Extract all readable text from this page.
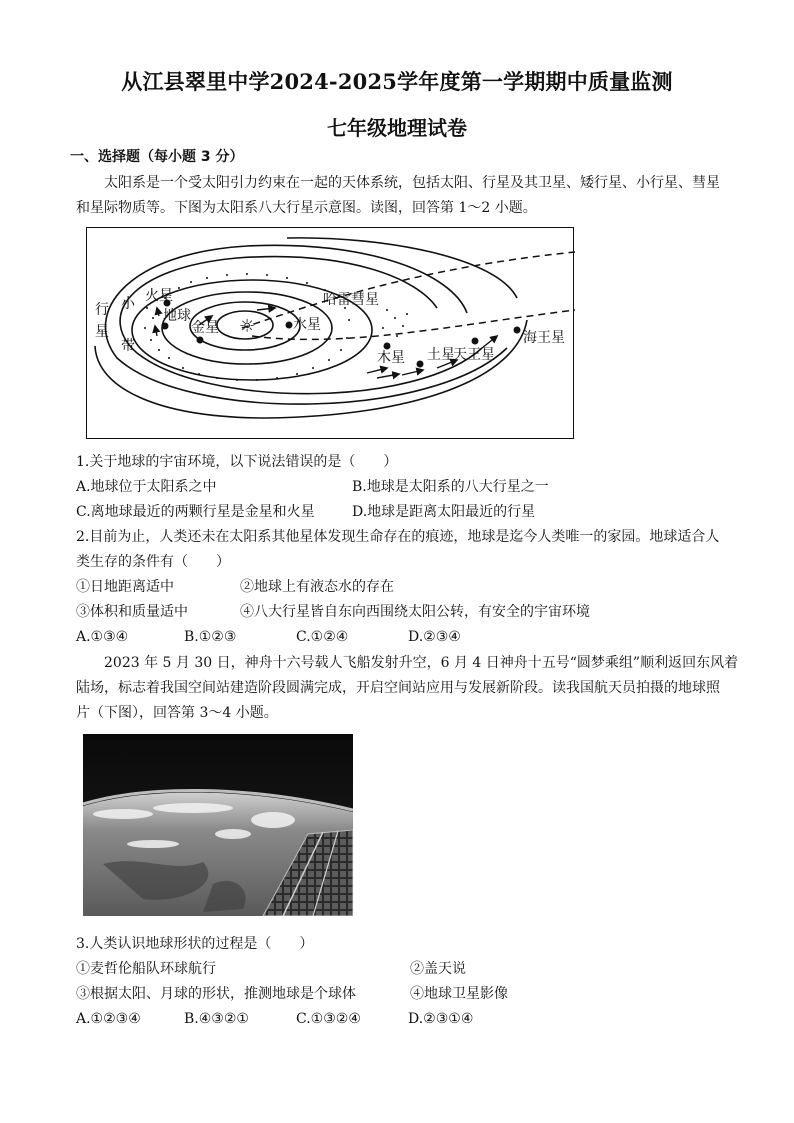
从江县翠里中学2024-2025学年度第一学期期中质量监测
七年级地理试卷
一、选择题（每小题 3 分）
太阳系是一个受太阳引力约束在一起的天体系统，包括太阳、行星及其卫星、矮行星、小行星、彗星
和星际物质等。下图为太阳系八大行星示意图。读图，回答第 1～2 小题。
行
星
小
带
火星
地球
金星 ☼	水星
哈雷彗星
木星 土星
天王星
海王星
1.关于地球的宇宙环境，以下说法错误的是（　　）
A.地球位于太阳系之中	B.地球是太阳系的八大行星之一
C.离地球最近的两颗行星是金星和火星	D.地球是距离太阳最近的行星
2.目前为止，人类还未在太阳系其他星体发现生命存在的痕迹，地球是迄今人类唯一的家园。地球适合人
类生存的条件有（　　）
①日地距离适中	②地球上有液态水的存在
③体积和质量适中	④八大行星皆自东向西围绕太阳公转，有安全的宇宙环境
A.①③④	B.①②③	C.①②④	D.②③④
2023 年 5 月 30 日，神舟十六号载人飞船发射升空，6 月 4 日神舟十五号“圆梦乘组”顺利返回东风着
陆场，标志着我国空间站建造阶段圆满完成，开启空间站应用与发展新阶段。读我国航天员拍摄的地球照
片（下图），回答第 3～4 小题。
3.人类认识地球形状的过程是（　　）
①麦哲伦船队环球航行	②盖天说
③根据太阳、月球的形状，推测地球是个球体	④地球卫星影像
A.①②③④	B.④③②①	C.①③②④	D.②③①④
